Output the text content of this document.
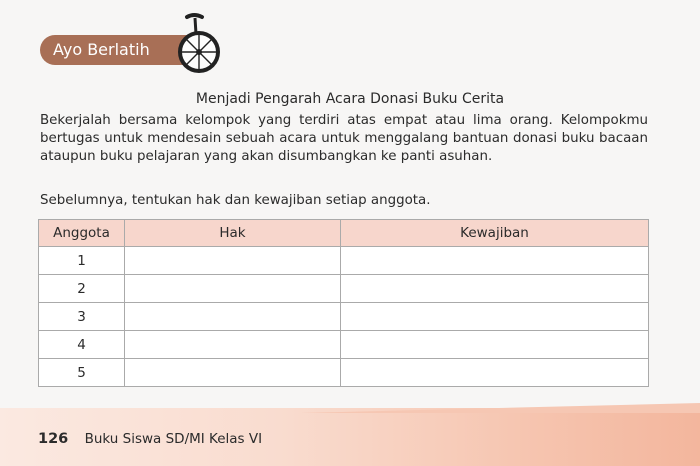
Ayo Berlatih
Menjadi Pengarah Acara Donasi Buku Cerita

Bekerjalah bersama kelompok yang terdiri atas empat atau lima orang. Kelompokmu bertugas untuk mendesain sebuah acara untuk menggalang bantuan donasi buku bacaan ataupun buku pelajaran yang akan disumbangkan ke panti asuhan.

Sebelumnya, tentukan hak dan kewajiban setiap anggota.

Anggota	Hak	Kewajiban
1		
2		
3		
4		
5		
126 Buku Siswa SD/MI Kelas VI
